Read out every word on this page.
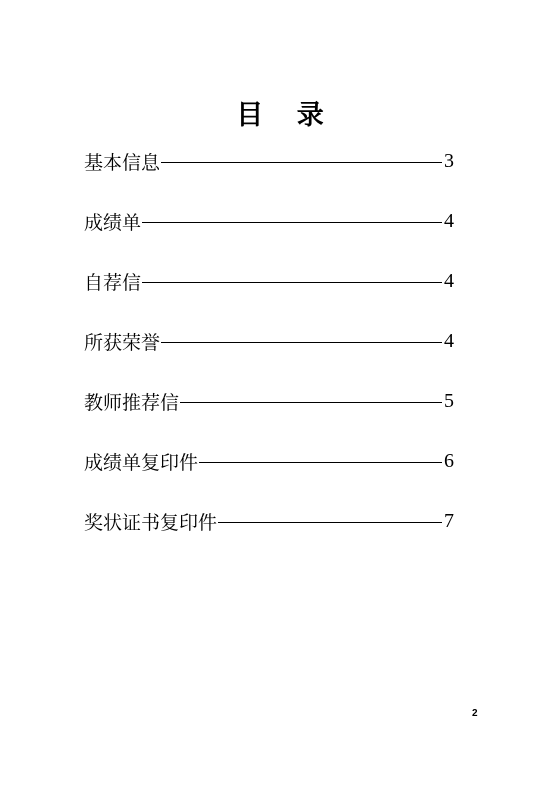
目 录
基本信息	3
成绩单	4
自荐信	4
所获荣誉	4
教师推荐信	5
成绩单复印件	6
奖状证书复印件	7
2
